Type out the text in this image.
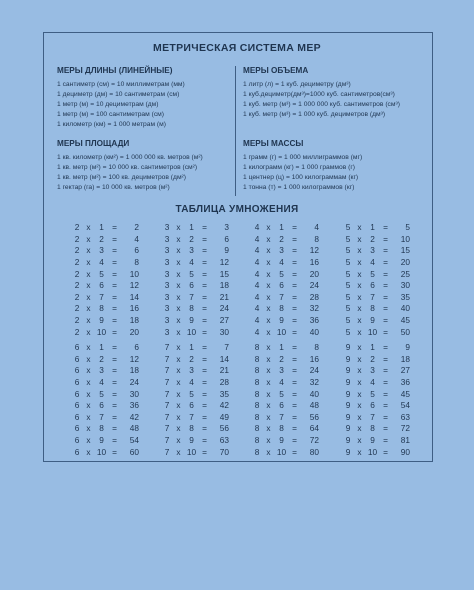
МЕТРИЧЕСКАЯ СИСТЕМА МЕР
МЕРЫ ДЛИНЫ (ЛИНЕЙНЫЕ)
1 сантиметр (см) = 10 миллиметрам (мм)
1 дециметр (дм) = 10 сантиметрам (см)
1 метр (м) = 10 дециметрам (дм)
1 метр (м) = 100 сантиметрам (см)
1 километр (км) = 1 000 метрам (м)
МЕРЫ ОБЪЕМА
1 литр (л) = 1 куб. дециметру (дм³)
1 куб.дециметр(дм³)=1000 куб. сантиметров(см³)
1 куб. метр (м³) = 1 000 000 куб. сантиметров (см³)
1 куб. метр (м³) = 1 000 куб. дециметров (дм³)
МЕРЫ ПЛОЩАДИ
1 кв. километр (км²) = 1 000 000 кв. метров (м²)
1 кв. метр (м²) = 10 000 кв. сантиметров (см²)
1 кв. метр (м²) = 100 кв. дециметров (дм²)
1 гектар (га) = 10 000 кв. метров (м²)
МЕРЫ МАССЫ
1 грамм (г) = 1 000 миллиграммов (мг)
1 килограмм (кг) = 1 000 граммов (г)
1 центнер (ц) = 100 килограммам (кг)
1 тонна (т) = 1 000 килограммов (кг)
ТАБЛИЦА УМНОЖЕНИЯ
2 x	1 =	2
2 x	2 =	4
2 x	3 =	6
2 x	4 =	8
2 x	5 =	10
2 x	6 =	12
2 x	7 =	14
2 x	8 =	16
2 x	9 =	18
2 x 10 =	20
3 x	1 =	3
3 x	2 =	6
3 x	3 =	9
3 x	4 =	12
3 x	5 =	15
3 x	6 =	18
3 x	7 =	21
3 x	8 =	24
3 x	9 =	27
3 x 10 =	30
4 x	1 =	4
4 x	2 =	8
4 x	3 =	12
4 x	4 =	16
4 x	5 =	20
4 x	6 =	24
4 x	7 =	28
4 x	8 =	32
4 x	9 =	36
4 x 10 =	40
5 x	1 =	5
5 x	2 =	10
5 x	3 =	15
5 x	4 =	20
5 x	5 =	25
5 x	6 =	30
5 x	7 =	35
5 x	8 =	40
5 x	9 =	45
5 x 10 =	50
6 x	1 =	6
6 x	2 =	12
6 x	3 =	18
6 x	4 =	24
6 x	5 =	30
6 x	6 =	36
6 x	7 =	42
6 x	8 =	48
6 x	9 =	54
6 x 10 =	60
7 x	1 =	7
7 x	2 =	14
7 x	3 =	21
7 x	4 =	28
7 x	5 =	35
7 x	6 =	42
7 x	7 =	49
7 x	8 =	56
7 x	9 =	63
7 x 10 =	70
8 x	1 =	8
8 x	2 =	16
8 x	3 =	24
8 x	4 =	32
8 x	5 =	40
8 x	6 =	48
8 x	7 =	56
8 x	8 =	64
8 x	9 =	72
8 x 10 =	80
9 x	1 =	9
9 x	2 =	18
9 x	3 =	27
9 x	4 =	36
9 x	5 =	45
9 x	6 =	54
9 x	7 =	63
9 x	8 =	72
9 x	9 =	81
9 x 10 =	90
